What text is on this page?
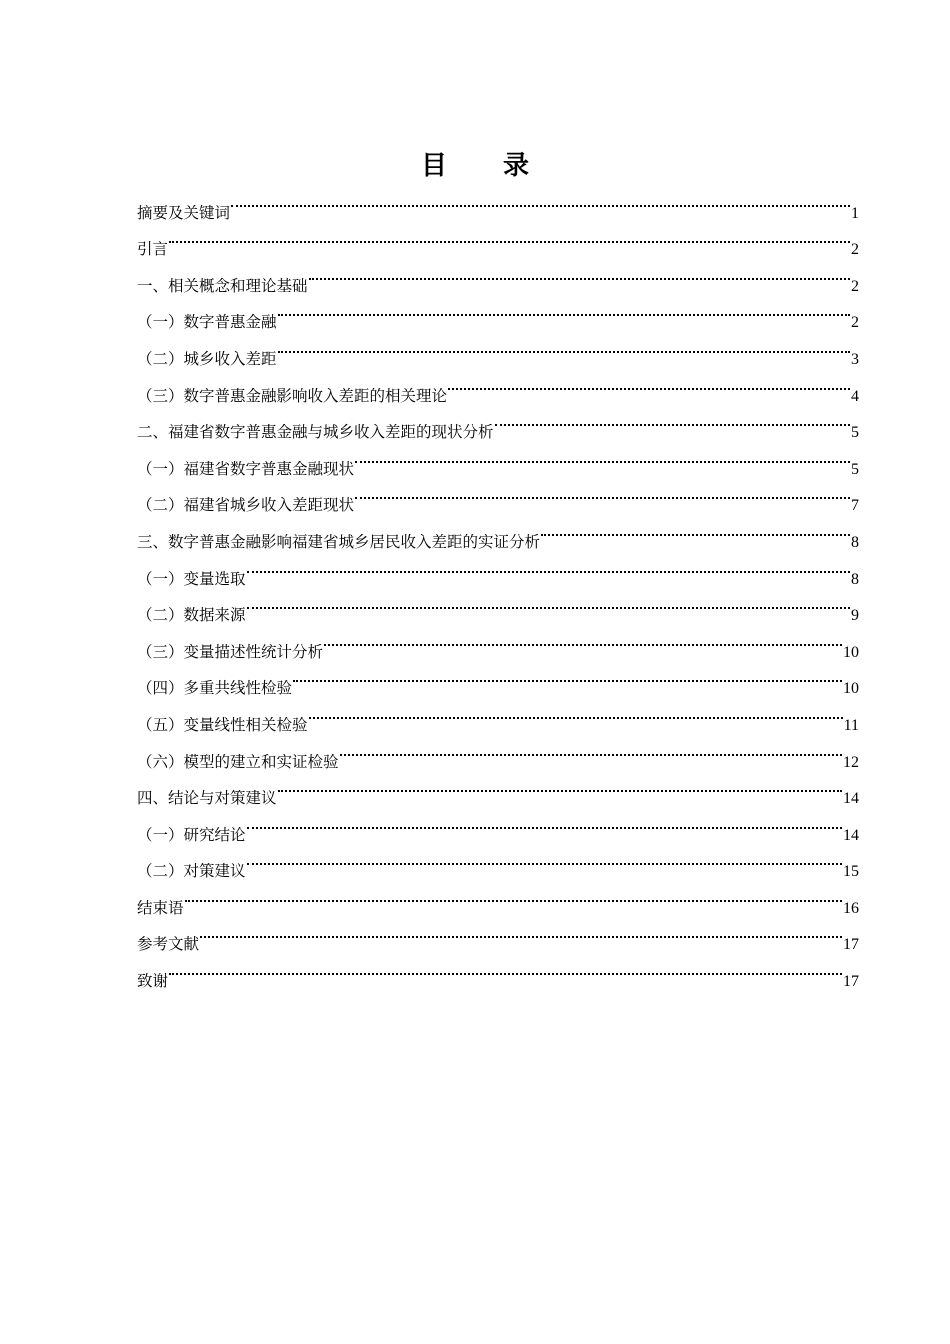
目 录
摘要及关键词	1
引言	2
一、相关概念和理论基础	2
（一）数字普惠金融	2
（二）城乡收入差距	3
（三）数字普惠金融影响收入差距的相关理论	4
二、福建省数字普惠金融与城乡收入差距的现状分析	5
（一）福建省数字普惠金融现状	5
（二）福建省城乡收入差距现状	7
三、数字普惠金融影响福建省城乡居民收入差距的实证分析	8
（一）变量选取	8
（二）数据来源	9
（三）变量描述性统计分析	10
（四）多重共线性检验	10
（五）变量线性相关检验	11
（六）模型的建立和实证检验	12
四、结论与对策建议	14
（一）研究结论	14
（二）对策建议	15
结束语	16
参考文献	17
致谢	17
